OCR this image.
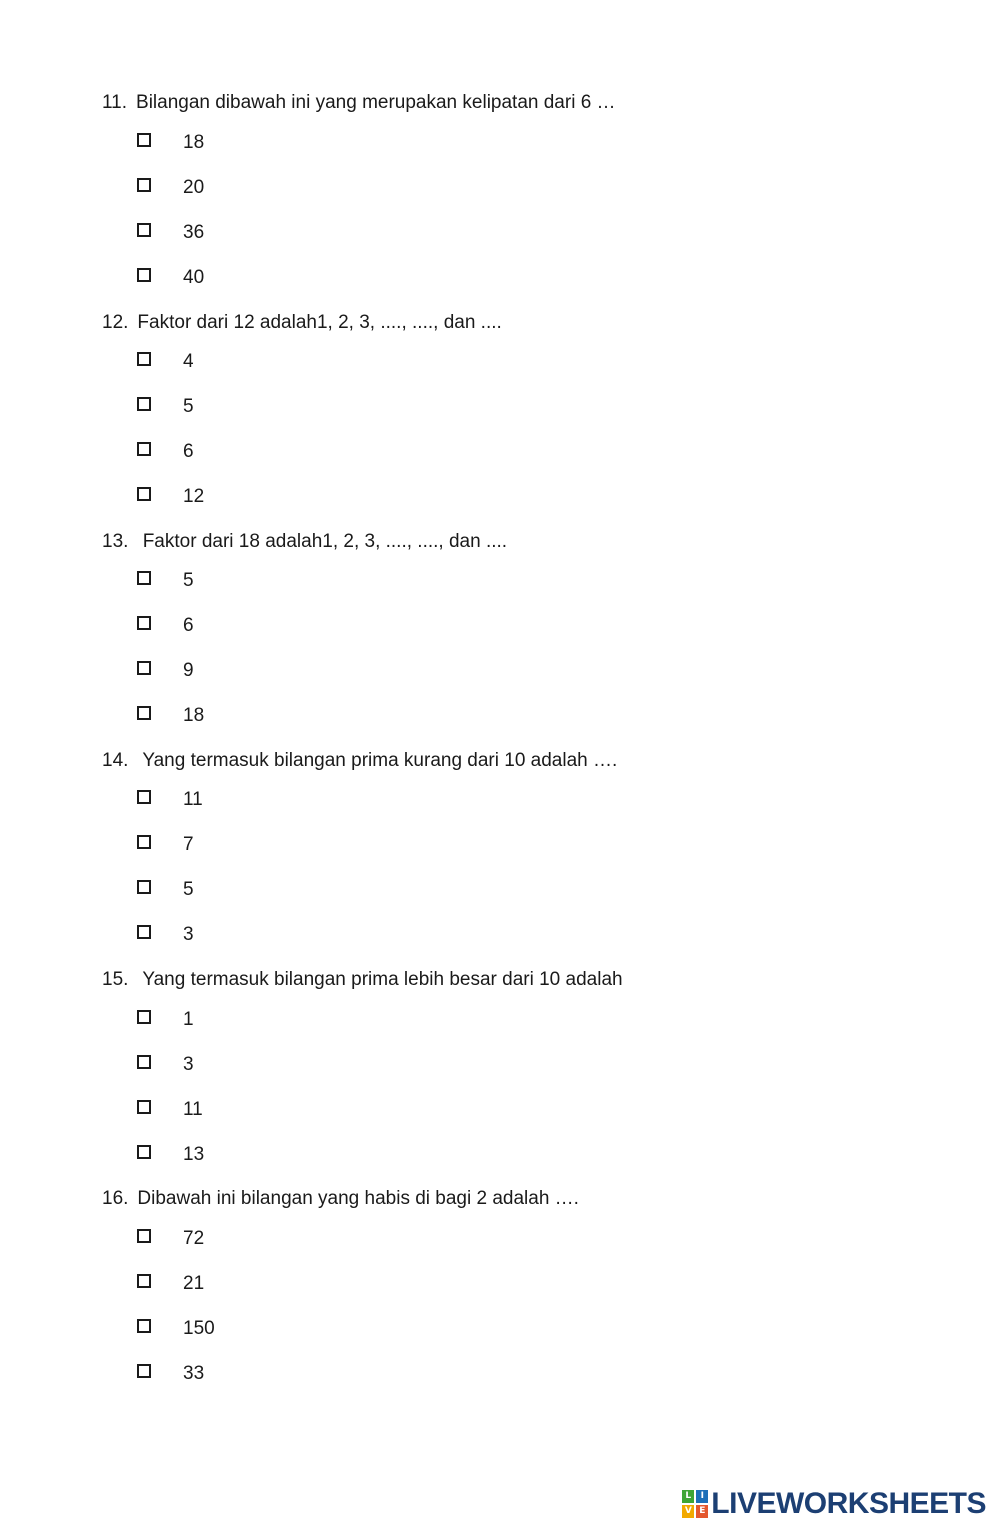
11. Bilangan dibawah ini yang merupakan kelipatan dari 6 …
18
20
36
40
12. Faktor dari 12 adalah1, 2, 3, ...., ...., dan ....
4
5
6
12
13. Faktor dari 18 adalah1, 2, 3, ...., ...., dan ....
5
6
9
18
14. Yang termasuk bilangan prima kurang dari 10 adalah ….
11
7
5
3
15. Yang termasuk bilangan prima lebih besar dari 10 adalah
1
3
11
13
16. Dibawah ini bilangan yang habis di bagi 2 adalah ….
72
21
150
33
L	I
V E LIVEWORKSHEETS
